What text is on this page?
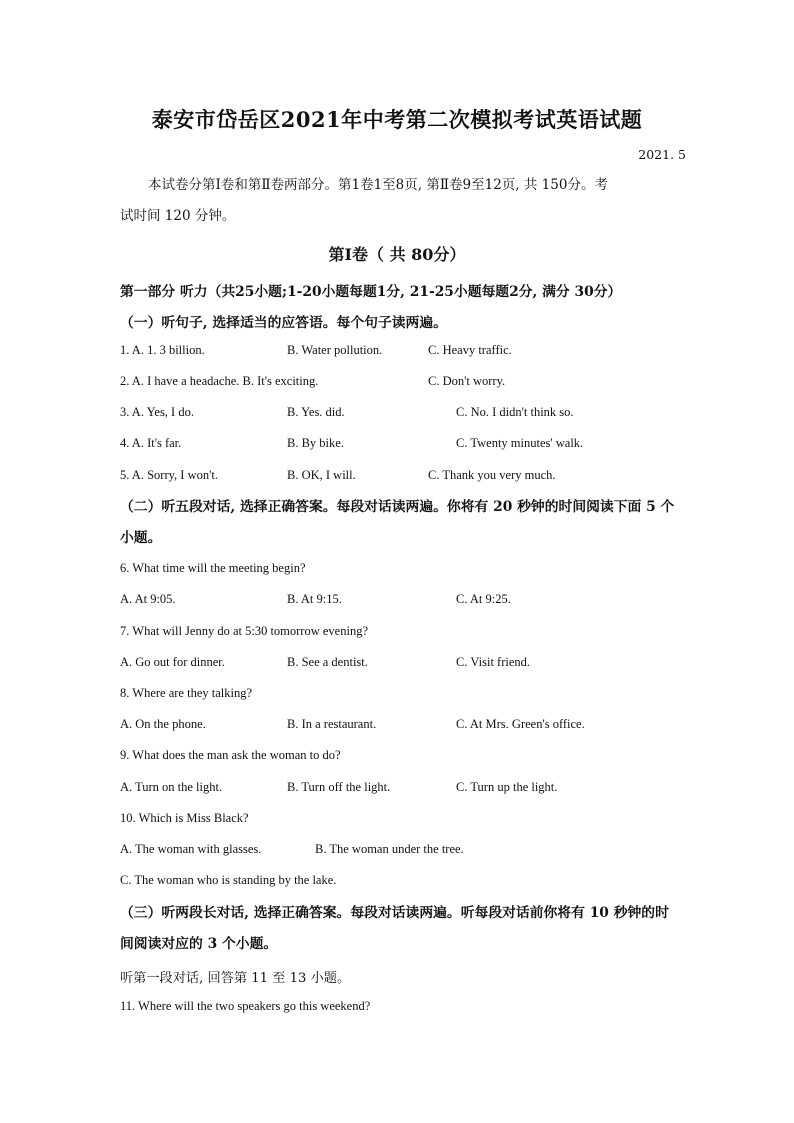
泰安市岱岳区2021年中考第二次模拟考试英语试题
2021. 5
本试卷分第Ⅰ卷和第Ⅱ卷两部分。第1卷1至8页, 第Ⅱ卷9至12页, 共 150分。考
试时间 120 分钟。
第Ⅰ卷（ 共 80分）
第一部分 听力（共25小题;1-20小题每题1分, 21-25小题每题2分, 满分 30分）
（一）听句子, 选择适当的应答语。每个句子读两遍。
1. A. 1. 3 billion.	B. Water pollution.	C. Heavy traffic.
2. A. I have a headache. B. It's exciting.	C. Don't worry.
3. A. Yes, I do.	B. Yes. did.	C. No. I didn't think so.
4. A. It's far.	B. By bike.	C. Twenty minutes' walk.
5. A. Sorry, I won't.	B. OK, I will.	C. Thank you very much.
（二）听五段对话, 选择正确答案。每段对话读两遍。你将有 20 秒钟的时间阅读下面 5 个小题。
6. What time will the meeting begin?
A. At 9:05.	B. At 9:15.	C. At 9:25.
7. What will Jenny do at 5:30 tomorrow evening?
A. Go out for dinner.	B. See a dentist.	C. Visit friend.
8. Where are they talking?
A. On the phone.	B. In a restaurant.	C. At Mrs. Green's office.
9. What does the man ask the woman to do?
A. Turn on the light.	B. Turn off the light.	C. Turn up the light.
10. Which is Miss Black?
A. The woman with glasses.	B. The woman under the tree.
C. The woman who is standing by the lake.
（三）听两段长对话, 选择正确答案。每段对话读两遍。听每段对话前你将有 10 秒钟的时间阅读对应的 3 个小题。
听第一段对话, 回答第 11 至 13 小题。
11. Where will the two speakers go this weekend?
